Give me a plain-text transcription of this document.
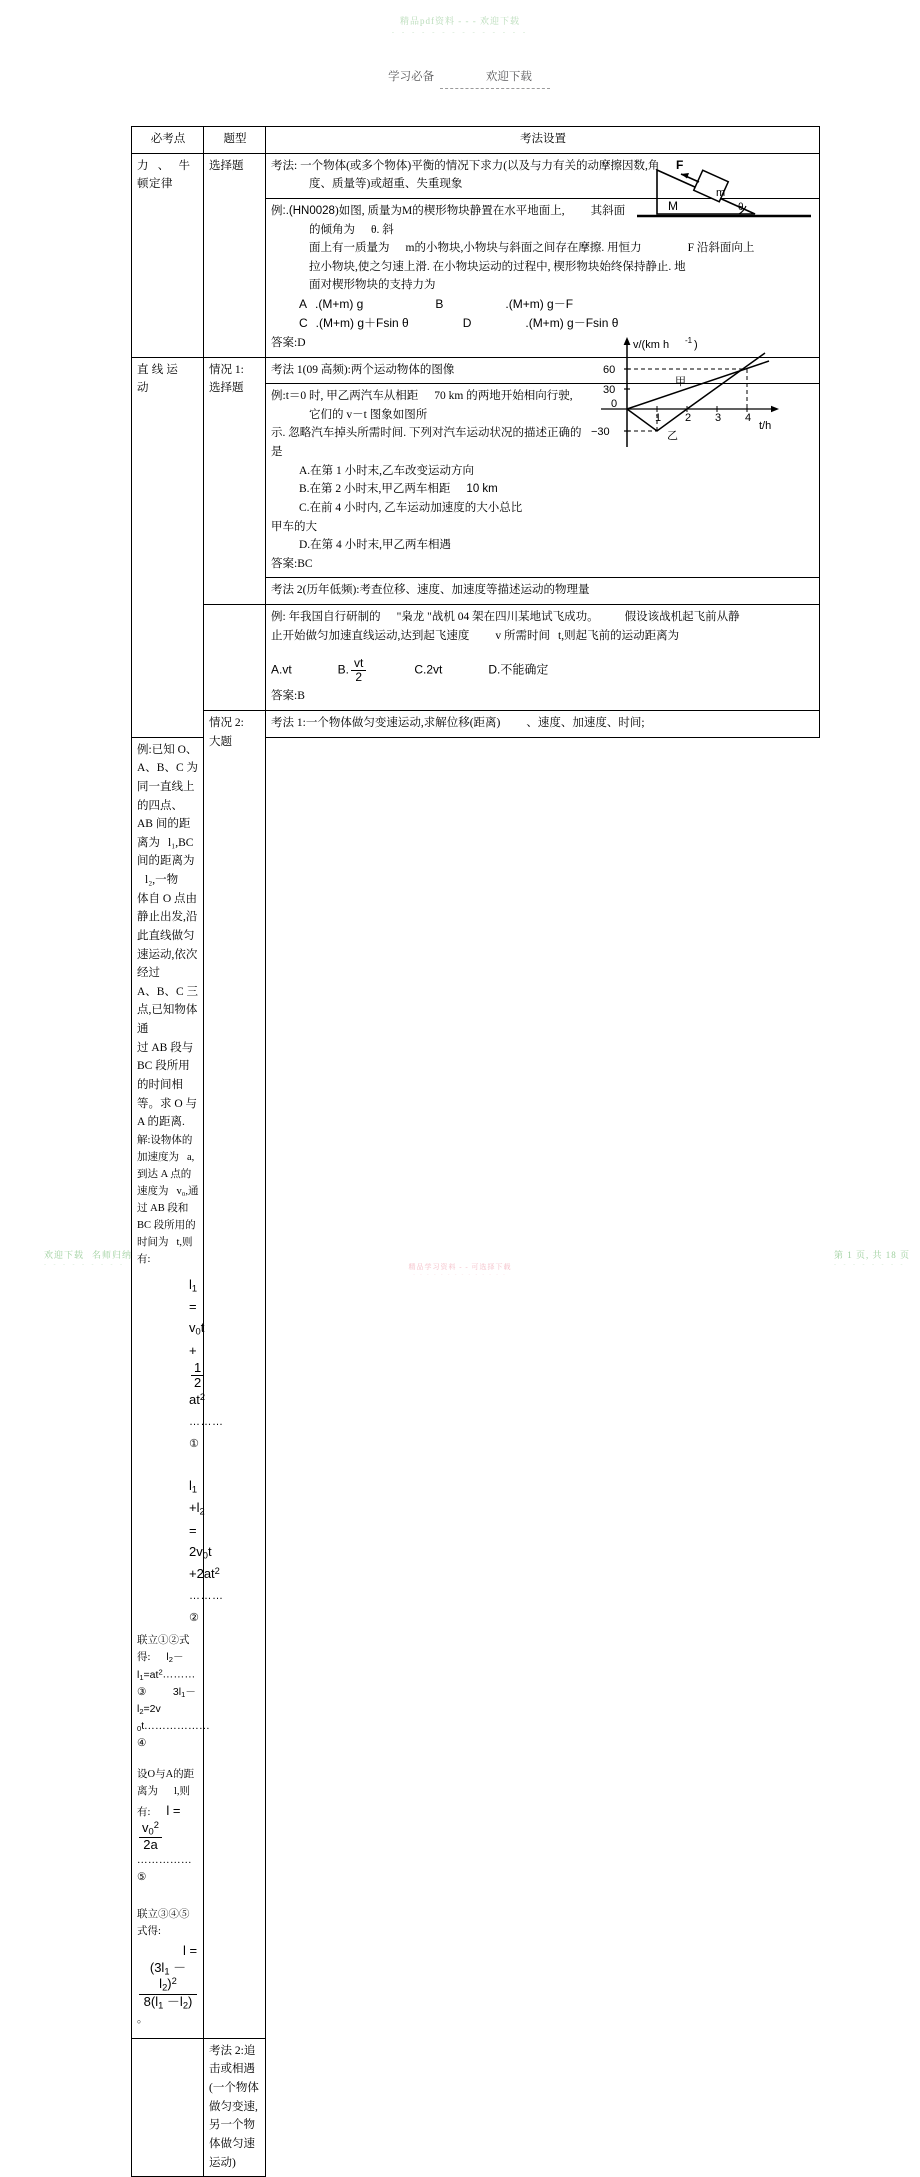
精品pdf资料 - - - 欢迎下载
- - - - - - - - - - - - - -
学习必备	欢迎下载
必考点	题型	考法设置

力 、 牛
顿定律
	选择题	考法: 一个物体(或多个物体)平衡的情况下求力(以及与力有关的动摩擦因数,角
度、质量等)或超重、失重现象

m
F
M	θ
例:.(HN0028)如图, 质量为M的楔形物块静置在水平地面上, 其斜面的倾角为 θ. 斜
面上有一质量为 m的小物块,小物块与斜面之间存在摩擦. 用恒力	F 沿斜面向上
拉小物块,使之匀速上滑. 在小物块运动的过程中, 楔形物块始终保持静止. 地
面对楔形物块的支持力为
A .(M+m) g	B	.(M+m) g－F
C .(M+m) g＋Fsin θ	D	.(M+m) g－Fsin θ
答案:D

直线运
动

情况 1:
选择题
	考法 1(09 高频):两个运动物体的图像

60
30
0
−30
v/(km h -1 )
1 2 3 4
t/h
甲
乙
例:t＝0 时, 甲乙两汽车从相距 70 km 的两地开始相向行驶,它们的 v－t 图象如图所
示. 忽略汽车掉头所需时间. 下列对汽车运动状况的描述正确的是
A.在第 1 小时末,乙车改变运动方向
B.在第 2 小时末,甲乙两车相距 10 km
C.在前 4 小时内, 乙车运动加速度的大小总比
甲车的大
D.在第 4 小时末,甲乙两车相遇
答案:BC

		考法 2(历年低频):考查位移、速度、加速度等描述运动的物理量

例: 年我国自行研制的 "枭龙 "战机 04 架在四川某地试飞成功。 假设该战机起飞前从静
止开始做匀加速直线运动,达到起飞速度 v 所需时间 t,则起飞前的运动距离为
A.vt	B. $\frac{vt}{2}$	C.2vt	D.不能确定
答案:B

	情况 2:
大题	考法 1:一个物体做匀变速运动,求解位移(距离) 、速度、加速度、时间;

例:已知 O、A、B、C 为同一直线上的四点、AB 间的距离为 l₁,BC 间的距离为l₂,一物
体自 O 点由静止出发,沿此直线做匀速运动,依次经过A、B、C 三点,已知物体通
过 AB 段与 BC 段所用的时间相等。求 O 与 A 的距离.
解:设物体的加速度为 a,到达 A 点的速度为 v₀,通过 AB 段和 BC 段所用的时间为 t,则有:
$l_1 = v_0t$ +
$\frac{1}{2}$
$at^2$ ………①  $l_1 +l_2 = 2v_0t +2at^2$ ………②
联立①②式得: $l_2-l_1=at^2\dots\dots\dots ③$ $3l_1-l_2=2v$ $_0$t……………… ④
设O与A的距离为 l,则有: l =
$\frac{v_0^2}{2a}$
……………⑤
联立③④⑤式得:l =
$\frac{(3l_1 -l_2)^2}{8(l_1 -l_2)}$
。

	考法 2:追击或相遇(一个物体做匀变速,另一个物体做匀速运动)	
欢迎下载 名师归纳
- - - - - - - - -
第 1 页, 共 18 页
- - - - - - - -
精品学习资料 - - 可选择下载
- - - - - - - - - - - - - -
